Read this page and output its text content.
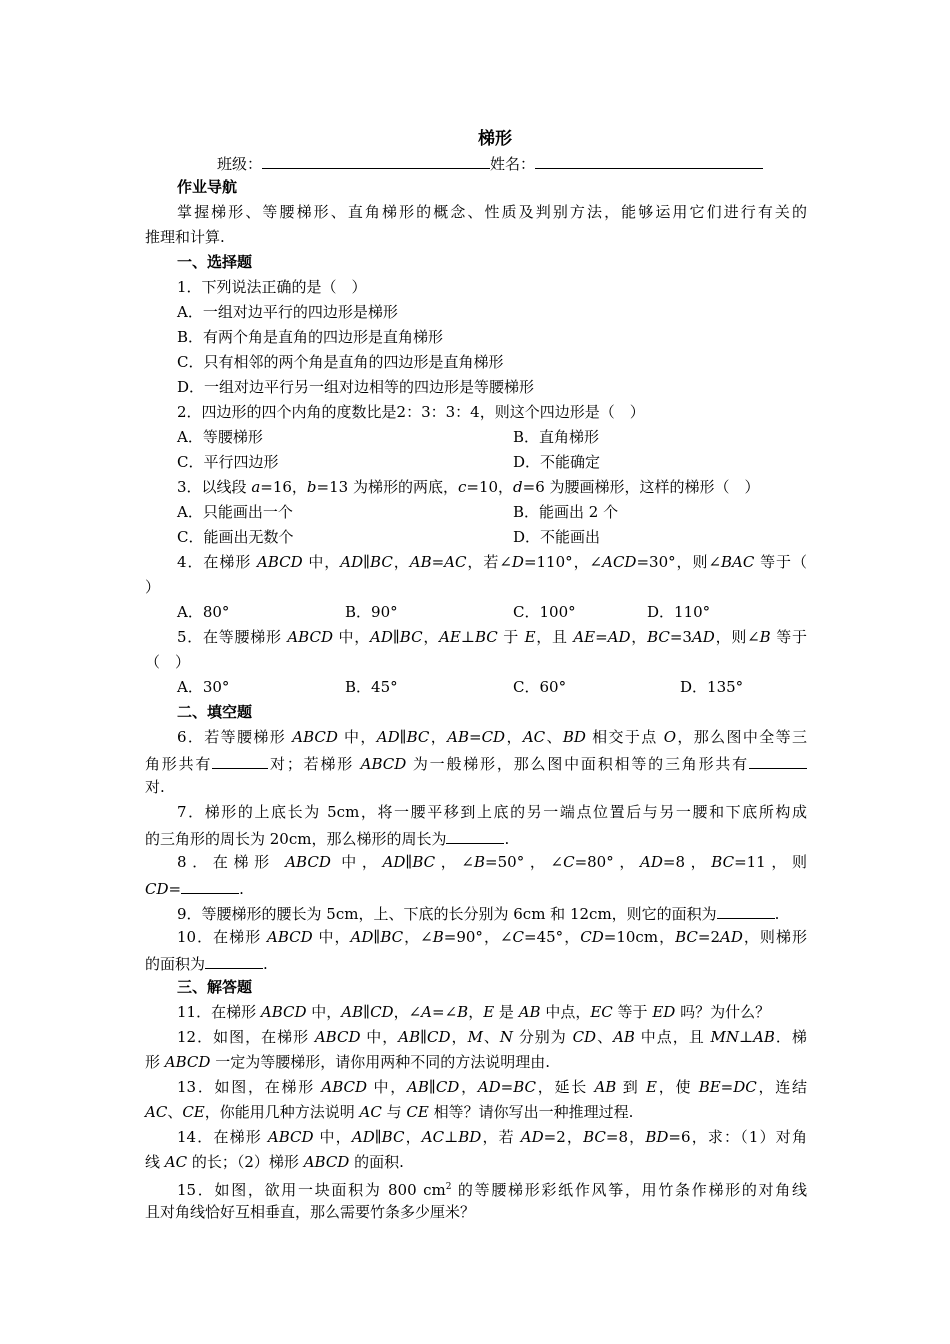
梯形
班级：	姓名：
作业导航
掌握梯形、等腰梯形、直角梯形的概念、性质及判别方法，能够运用它们进行有关的
推理和计算.
一、选择题
1．下列说法正确的是（　）
A．一组对边平行的四边形是梯形
B．有两个角是直角的四边形是直角梯形
C．只有相邻的两个角是直角的四边形是直角梯形
D．一组对边平行另一组对边相等的四边形是等腰梯形
2．四边形的四个内角的度数比是2：3：3：4，则这个四边形是（　）
A．等腰梯形	B．直角梯形
C．平行四边形	D．不能确定
3．以线段 a=16，b=13 为梯形的两底，c=10，d=6 为腰画梯形，这样的梯形（　）
A．只能画出一个	B．能画出 2 个
C．能画出无数个	D．不能画出
4．在梯形 ABCD 中，AD∥BC，AB=AC，若∠D=110°，∠ACD=30°，则∠BAC 等于（
）
A．80°	B．90°	C．100°	D．110°
5．在等腰梯形 ABCD 中，AD∥BC，AE⊥BC 于 E，且 AE=AD，BC=3AD，则∠B 等于
（　）
A．30°	B．45°	C．60°	D．135°
二、填空题
6．若等腰梯形 ABCD 中，AD∥BC，AB=CD，AC、BD 相交于点 O，那么图中全等三
角形共有	对；若梯形 ABCD 为一般梯形，那么图中面积相等的三角形共有
对.
7．梯形的上底长为 5cm，将一腰平移到上底的另一端点位置后与另一腰和下底所构成
的三角形的周长为 20cm，那么梯形的周长为	.
8．在梯形 ABCD 中，AD∥BC，∠B=50°，∠C=80°，AD=8，BC=11，则
CD=	.
9．等腰梯形的腰长为 5cm，上、下底的长分别为 6cm 和 12cm，则它的面积为	.
10．在梯形 ABCD 中，AD∥BC，∠B=90°，∠C=45°，CD=10cm，BC=2AD，则梯形
的面积为	.
三、解答题
11．在梯形 ABCD 中，AB∥CD，∠A=∠B，E 是 AB 中点，EC 等于 ED 吗？为什么？
12．如图，在梯形 ABCD 中，AB∥CD，M、N 分别为 CD、AB 中点，且 MN⊥AB．梯
形 ABCD 一定为等腰梯形，请你用两种不同的方法说明理由.
13．如图，在梯形 ABCD 中，AB∥CD，AD=BC，延长 AB 到 E，使 BE=DC，连结
AC、CE，你能用几种方法说明 AC 与 CE 相等？请你写出一种推理过程.
14．在梯形 ABCD 中，AD∥BC，AC⊥BD，若 AD=2，BC=8，BD=6，求：（1）对角
线 AC 的长；（2）梯形 ABCD 的面积.
15．如图，欲用一块面积为 800 $cm^2$ 的等腰梯形彩纸作风筝，用竹条作梯形的对角线
且对角线恰好互相垂直，那么需要竹条多少厘米？
